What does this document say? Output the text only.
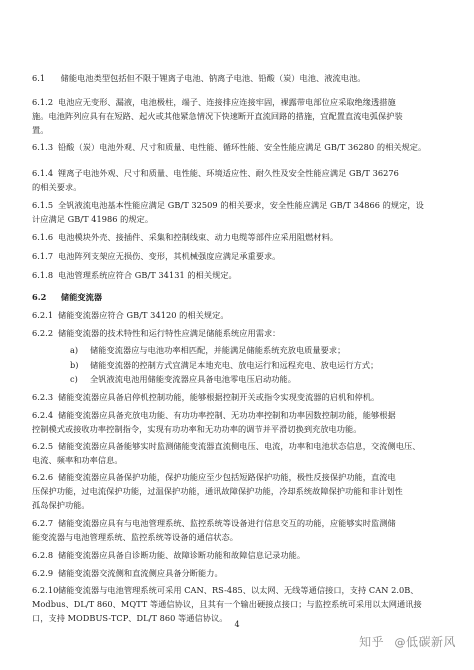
6.1 储能电池类型包括但不限于锂离子电池、钠离子电池、铅酸（炭）电池、液流电池。
6.1.2 电池应无变形、漏液，电池极柱，端子、连接排应连接牢固，裸露带电部位应采取绝缘透措施
施。电池阵列应具有在短路、起火或其他紧急情况下快速断开直流回路的措施，宜配置直流电弧保护装
置。
6.1.3 铅酸（炭）电池外观、尺寸和质量、电性能、循环性能、安全性能应满足 GB/T 36280 的相关规定。
6.1.4 锂离子电池外观、尺寸和质量、电性能、环境适应性、耐久性及安全性能应满足 GB/T 36276
的相关要求。
6.1.5 全钒液流电池基本性能应满足 GB/T 32509 的相关要求，安全性能应满足 GB/T 34866 的规定，设
计应满足 GB/T 41986 的规定。
6.1.6 电池模块外壳、接插件、采集和控制线束、动力电缆等部件应采用阻燃材料。
6.1.7 电池阵列支架应无损伤、变形，其机械强度应满足承重要求。
6.1.8 电池管理系统应符合 GB/T 34131 的相关规定。
6.2 储能变流器
6.2.1 储能变流器应符合 GB/T 34120 的相关规定。
6.2.2 储能变流器的技术特性和运行特性应满足储能系统应用需求：
a) 储能变流器应与电池功率相匹配，并能满足储能系统充放电质量要求；
b) 储能变流器的控制方式宜满足本地充电、放电运行和远程充电、放电运行方式；
c) 全钒液流电池用储能变流器应具备电池零电压启动功能。
6.2.3 储能变流器应具备启停机控制功能，能够根据控制开关或指令实现变流器的启机和停机。
6.2.4 储能变流器应具备充放电功能、有功功率控制、无功功率控制和功率因数控制功能，能够根据
控制模式或接收功率控制指令，实现有功功率和无功功率的调节并平滑切换到充放电功能。
6.2.5 储能变流器应具备能够实时监测储能变流器直流侧电压、电流，功率和电池状态信息，交流侧电压、
电流、频率和功率信息。
6.2.6 储能变流器应具备保护功能，保护功能应至少包括短路保护功能，极性反接保护功能，直流电
压保护功能，过电流保护功能，过温保护功能，通讯故障保护功能，冷却系统故障保护功能和非计划性
孤岛保护功能。
6.2.7 储能变流器应具有与电池管理系统、监控系统等设备进行信息交互的功能，应能够实时监测储
能变流器与电池管理系统、监控系统等设备的通信状态。
6.2.8 储能变流器应具备自诊断功能、故障诊断功能和故障信息记录功能。
6.2.9 储能变流器交流侧和直流侧应具备分断能力。
6.2.10储能变流器与电池管理系统可采用 CAN、RS-485、以太网、无线等通信接口，支持 CAN 2.0B、
Modbus、DL/T 860、MQTT 等通信协议，且其有一个输出硬接点接口；与监控系统可采用以太网通讯接
口，支持 MODBUS-TCP、DL/T 860 等通信协议。
4
知乎 @低碳新风
